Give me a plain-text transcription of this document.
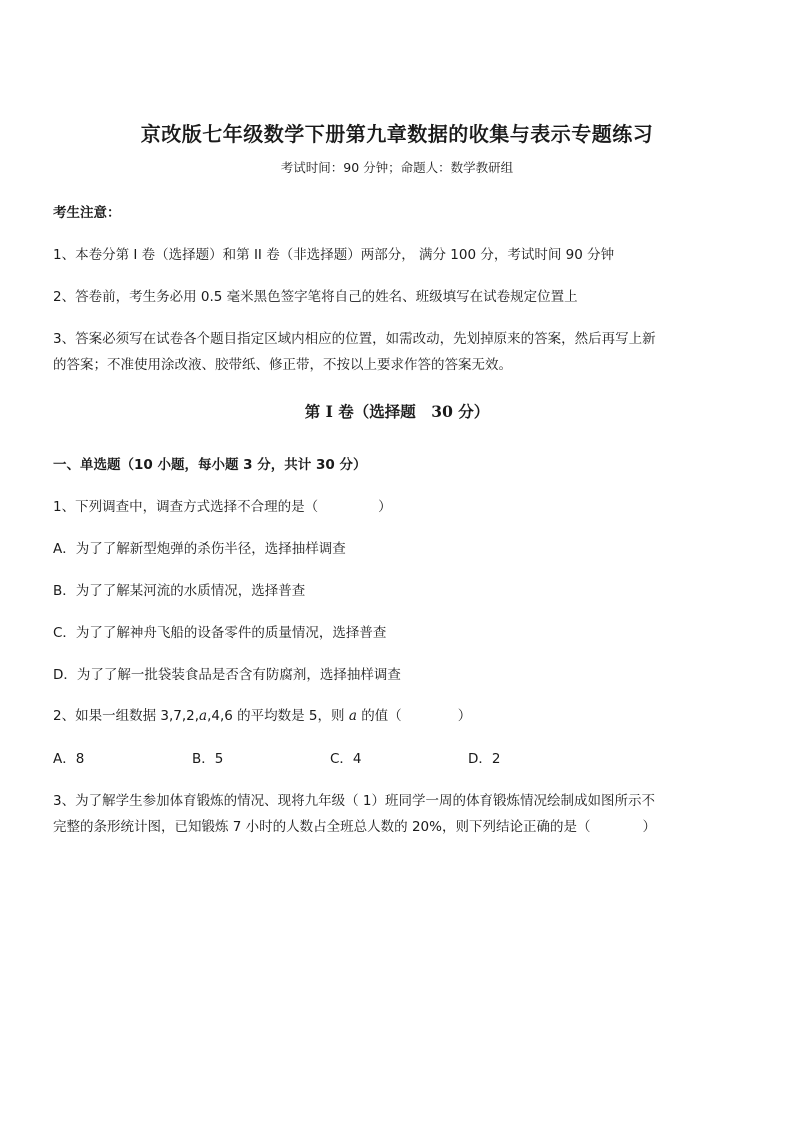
京改版七年级数学下册第九章数据的收集与表示专题练习
考试时间：90 分钟；命题人：数学教研组
考生注意：
1、本卷分第 I 卷（选择题）和第 II 卷（非选择题）两部分， 满分 100 分，考试时间 90 分钟
2、答卷前，考生务必用 0.5 毫米黑色签字笔将自己的姓名、班级填写在试卷规定位置上
3、答案必须写在试卷各个题目指定区域内相应的位置，如需改动，先划掉原来的答案，然后再写上新
的答案；不准使用涂改液、胶带纸、修正带，不按以上要求作答的答案无效。
第 I 卷（选择题　30 分）
一、单选题（10 小题，每小题 3 分，共计 30 分）
1、下列调查中，调查方式选择不合理的是（	）
A．为了了解新型炮弹的杀伤半径，选择抽样调查
B．为了了解某河流的水质情况，选择普查
C．为了了解神舟飞船的设备零件的质量情况，选择普查
D．为了了解一批袋装食品是否含有防腐剂，选择抽样调查
2、如果一组数据 3,7,2,a,4,6 的平均数是 5，则 a 的值（	）
A．8	B．5	C．4	D．2
3、为了解学生参加体育锻炼的情况、现将九年级（ 1）班同学一周的体育锻炼情况绘制成如图所示不
完整的条形统计图，已知锻炼 7 小时的人数占全班总人数的 20%，则下列结论正确的是（	）
